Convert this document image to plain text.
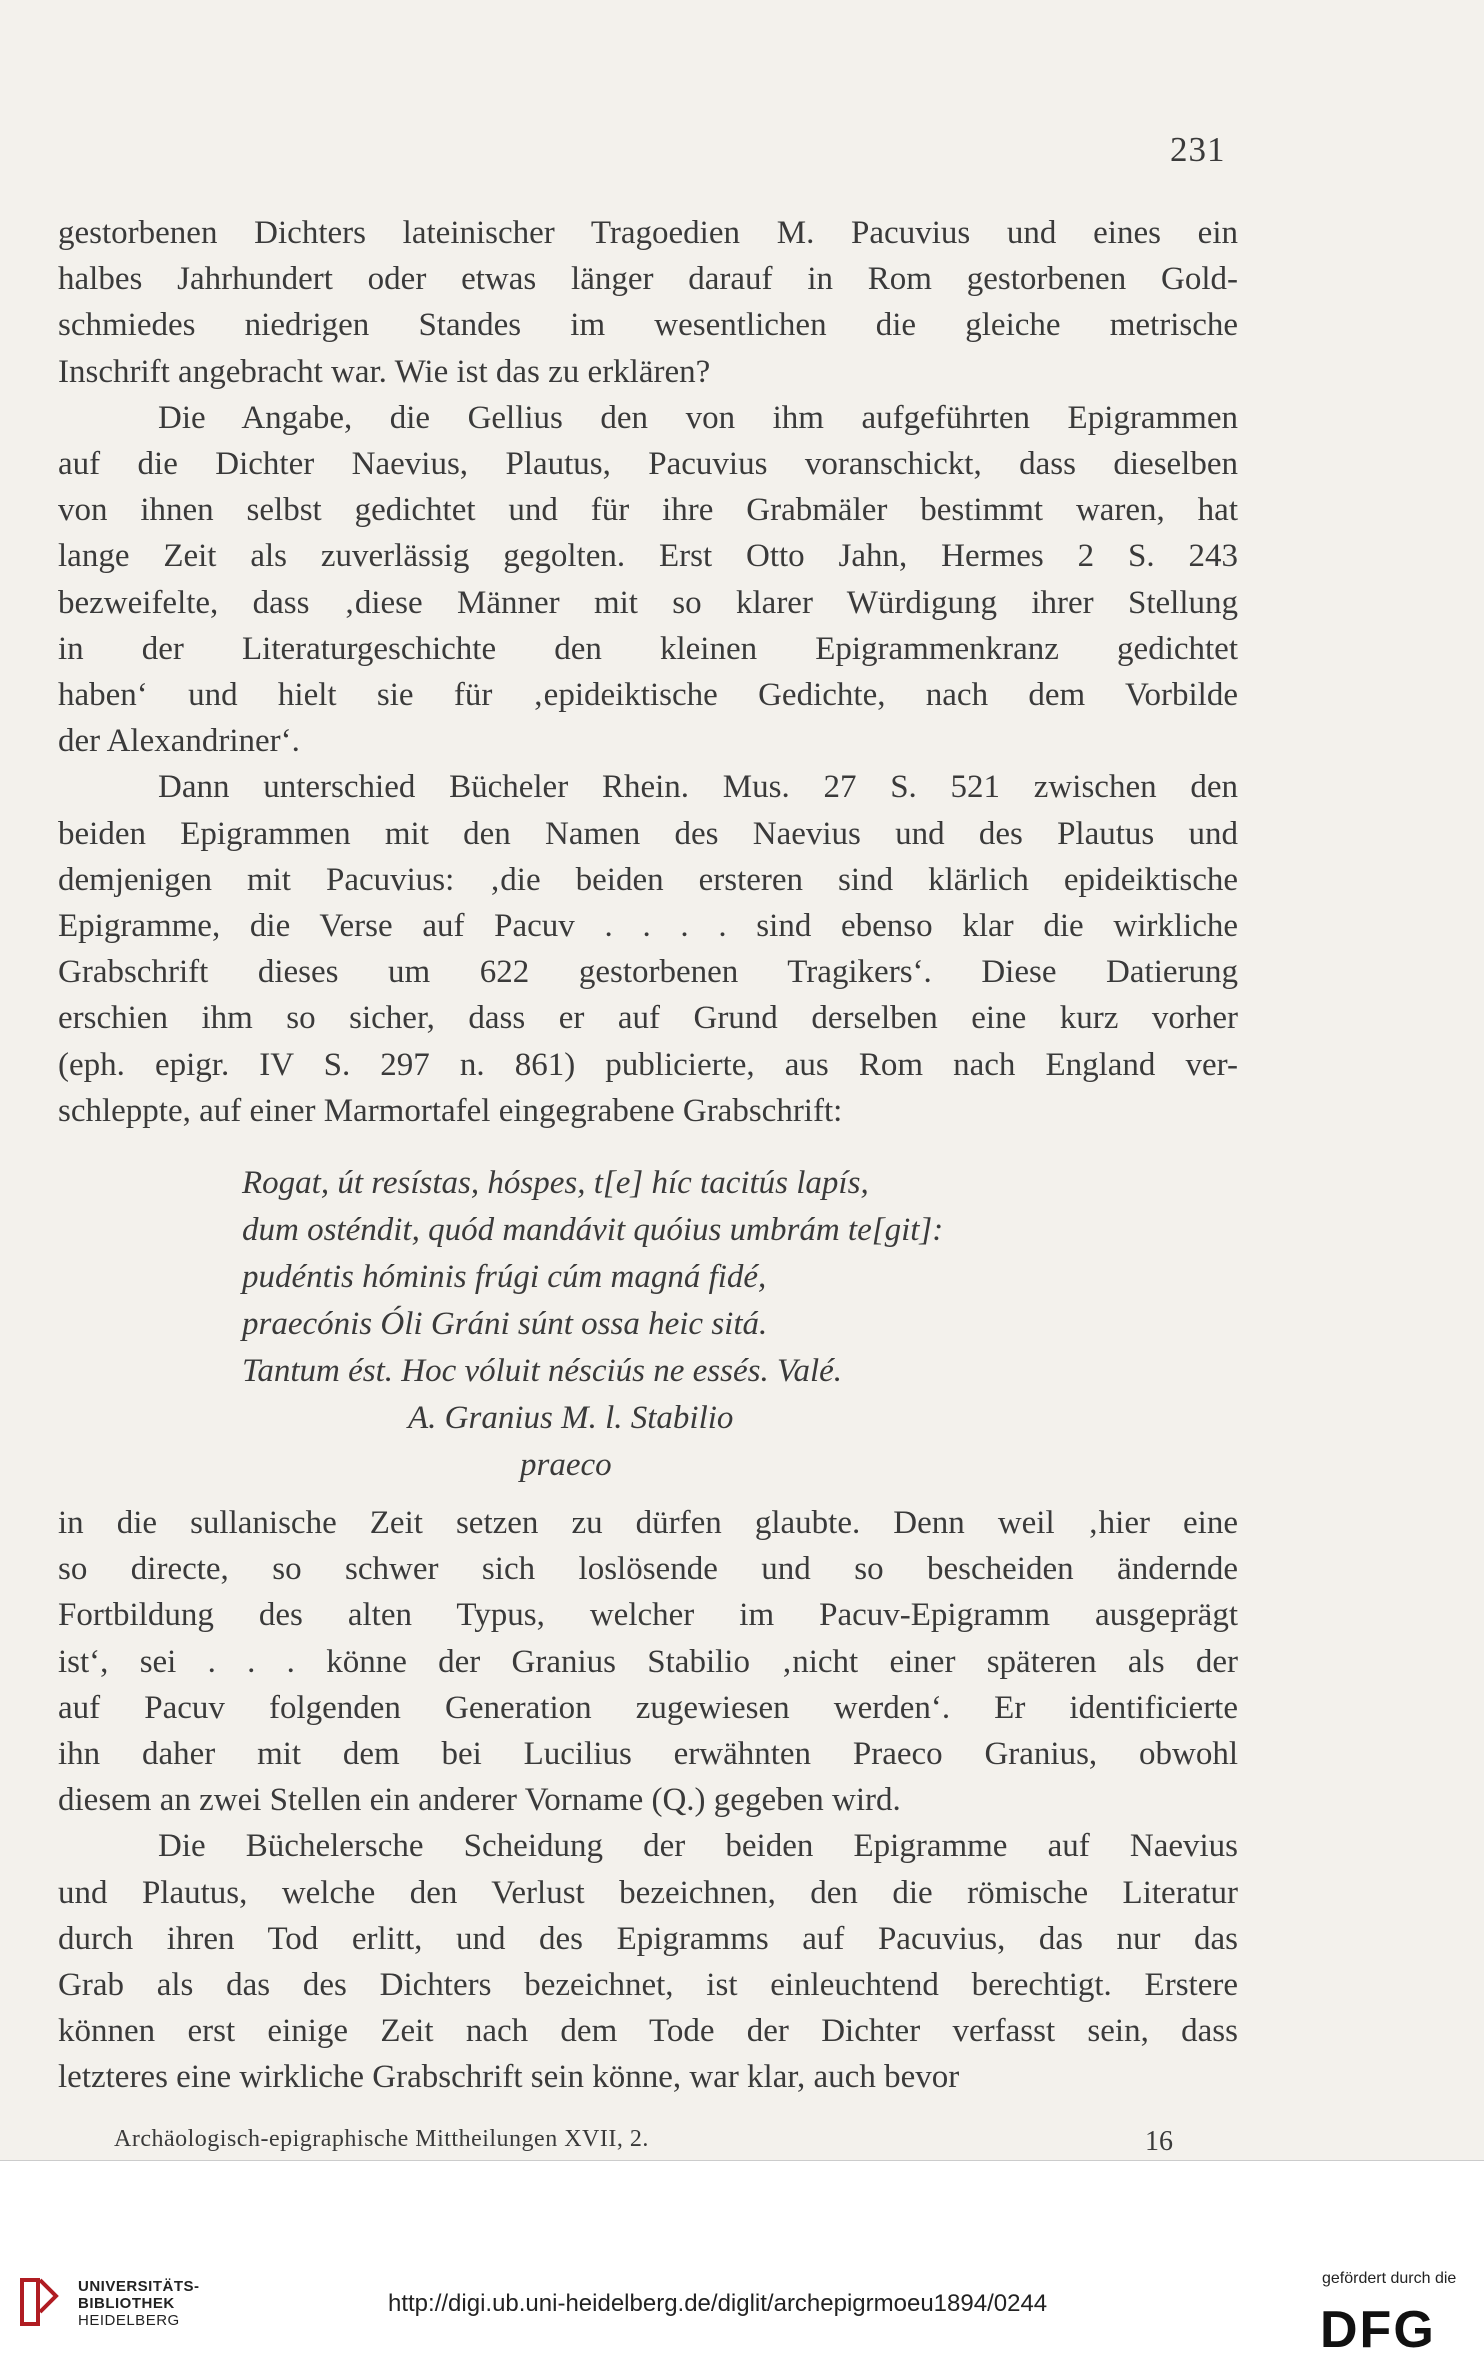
231

gestorbenen Dichters lateinischer Tragoedien M. Pacuvius und eines ein
halbes Jahrhundert oder etwas länger darauf in Rom gestorbenen Gold-
schmiedes niedrigen Standes im wesentlichen die gleiche metrische
Inschrift angebracht war. Wie ist das zu erklären?

Die Angabe, die Gellius den von ihm aufgeführten Epigrammen
auf die Dichter Naevius, Plautus, Pacuvius voranschickt, dass dieselben
von ihnen selbst gedichtet und für ihre Grabmäler bestimmt waren, hat
lange Zeit als zuverlässig gegolten. Erst Otto Jahn, Hermes 2 S. 243
bezweifelte, dass ‚diese Männer mit so klarer Würdigung ihrer Stellung
in der Literaturgeschichte den kleinen Epigrammenkranz gedichtet
haben‘ und hielt sie für ‚epideiktische Gedichte, nach dem Vorbilde
der Alexandriner‘.

Dann unterschied Bücheler Rhein. Mus. 27 S. 521 zwischen den
beiden Epigrammen mit den Namen des Naevius und des Plautus und
demjenigen mit Pacuvius: ‚die beiden ersteren sind klärlich epideiktische
Epigramme, die Verse auf Pacuv . . . . sind ebenso klar die wirkliche
Grabschrift dieses um 622 gestorbenen Tragikers‘. Diese Datierung
erschien ihm so sicher, dass er auf Grund derselben eine kurz vorher
(eph. epigr. IV S. 297 n. 861) publicierte, aus Rom nach England ver-
schleppte, auf einer Marmortafel eingegrabene Grabschrift:

Rogat, út resístas, hóspes, t[e] híc tacitús lapís,
dum osténdit, quód mandávit quóius umbrám te[git]:
pudéntis hóminis frúgi cúm magná fidé,
praecónis Óli Gráni súnt ossa heic sitá.
Tantum ést. Hoc vóluit nésciús ne essés. Valé.
A. Granius M. l. Stabilio
praeco

in die sullanische Zeit setzen zu dürfen glaubte. Denn weil ‚hier eine
so directe, so schwer sich loslösende und so bescheiden ändernde
Fortbildung des alten Typus, welcher im Pacuv-Epigramm ausgeprägt
ist‘, sei . . . könne der Granius Stabilio ‚nicht einer späteren als der
auf Pacuv folgenden Generation zugewiesen werden‘. Er identificierte
ihn daher mit dem bei Lucilius erwähnten Praeco Granius, obwohl
diesem an zwei Stellen ein anderer Vorname (Q.) gegeben wird.

Die Büchelersche Scheidung der beiden Epigramme auf Naevius
und Plautus, welche den Verlust bezeichnen, den die römische Literatur
durch ihren Tod erlitt, und des Epigramms auf Pacuvius, das nur das
Grab als das des Dichters bezeichnet, ist einleuchtend berechtigt. Erstere
können erst einige Zeit nach dem Tode der Dichter verfasst sein, dass
letzteres eine wirkliche Grabschrift sein könne, war klar, auch bevor

Archäologisch-epigraphische Mittheilungen XVII, 2.	16
UNIVERSITÄTS-
BIBLIOTHEK
HEIDELBERG
http://digi.ub.uni-heidelberg.de/diglit/archepigrmoeu1894/0244
gefördert durch die
DFG
